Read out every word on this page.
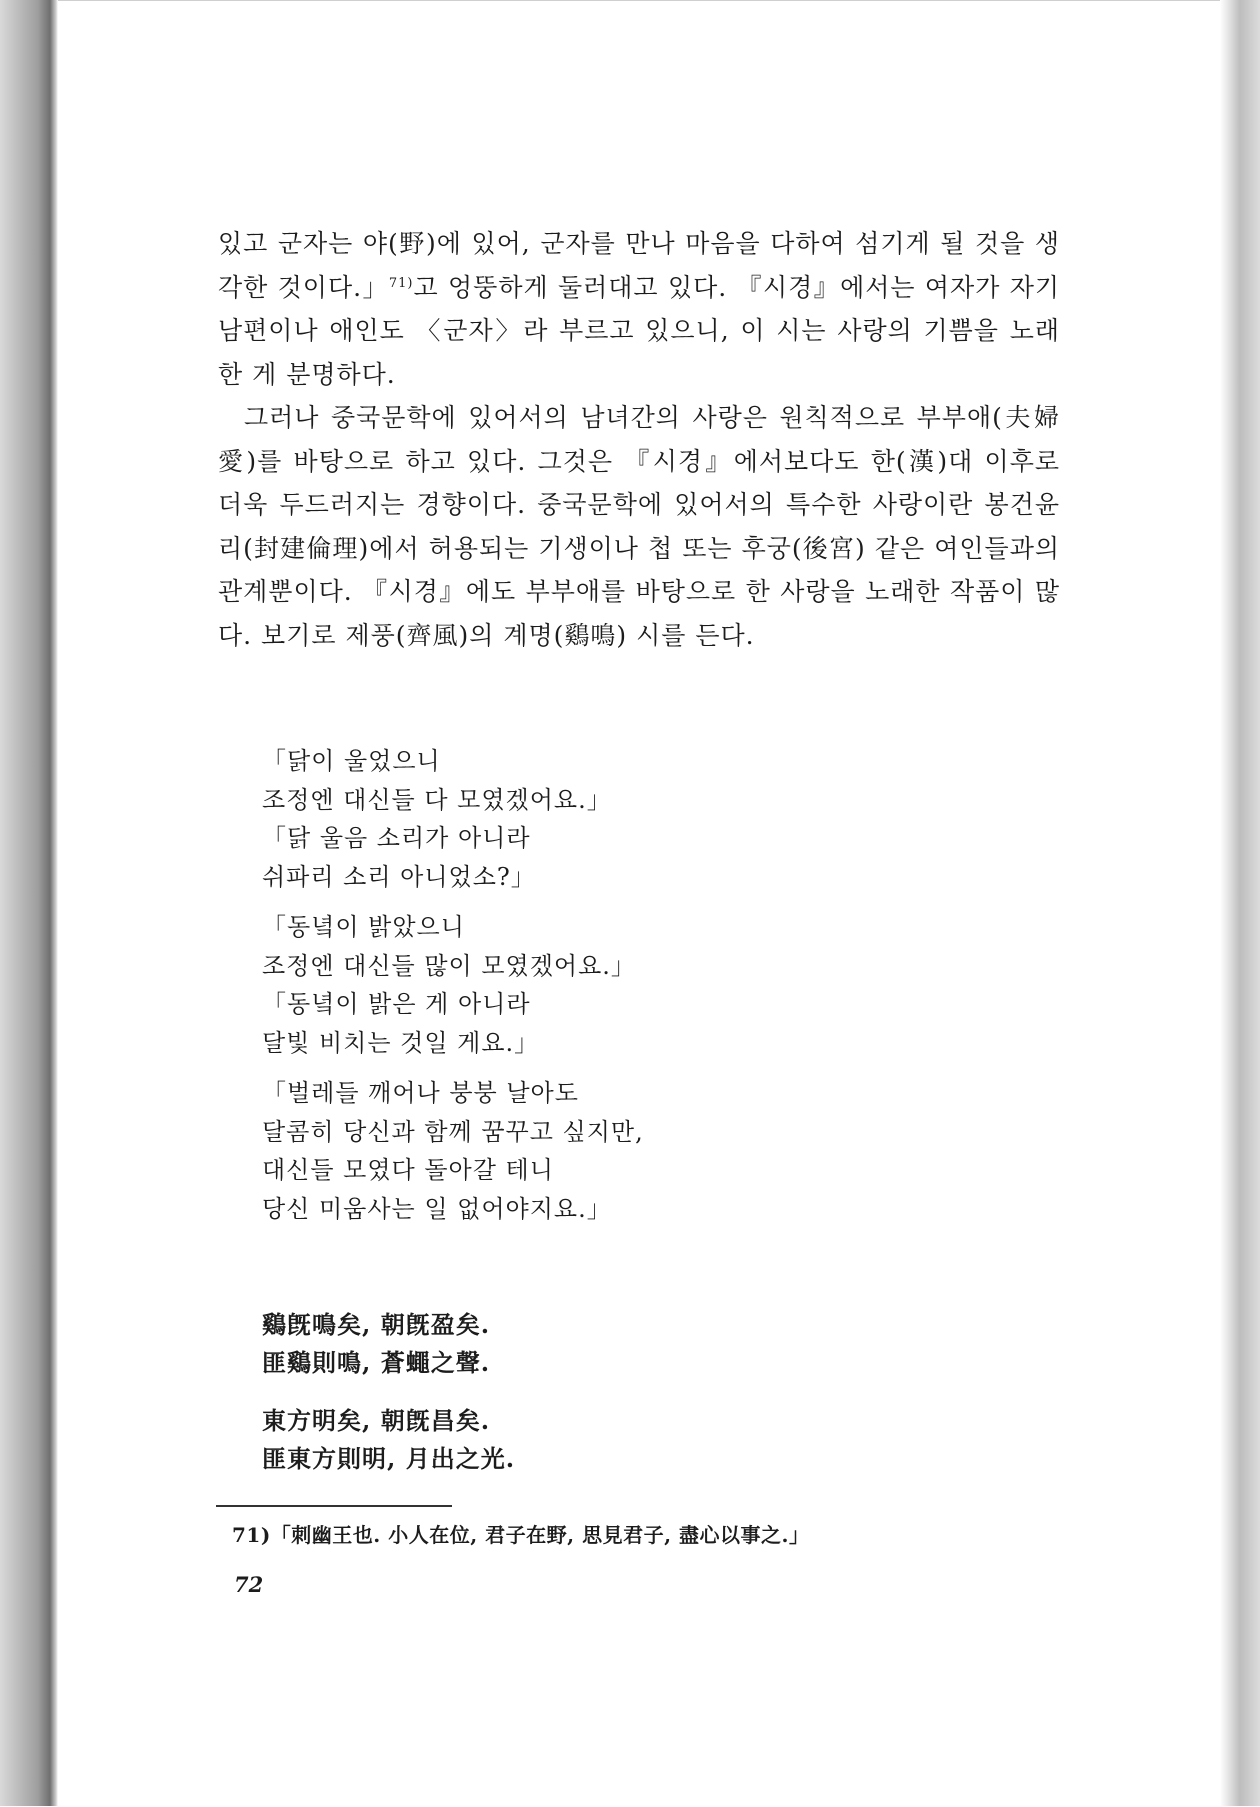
있고 군자는 야(野)에 있어, 군자를 만나 마음을 다하여 섬기게 될 것을 생각한 것이다.」$^{71)}$고 엉뚱하게 둘러대고 있다. 『시경』에서는 여자가 자기 남편이나 애인도 〈군자〉라 부르고 있으니, 이 시는 사랑의 기쁨을 노래한 게 분명하다.

그러나 중국문학에 있어서의 남녀간의 사랑은 원칙적으로 부부애(夫婦愛)를 바탕으로 하고 있다. 그것은 『시경』에서보다도 한(漢)대 이후로 더욱 두드러지는 경향이다. 중국문학에 있어서의 특수한 사랑이란 봉건윤리(封建倫理)에서 허용되는 기생이나 첩 또는 후궁(後宮) 같은 여인들과의 관계뿐이다. 『시경』에도 부부애를 바탕으로 한 사랑을 노래한 작품이 많다. 보기로 제풍(齊風)의 계명(鷄鳴) 시를 든다.

「닭이 울었으니
조정엔 대신들 다 모였겠어요.」
「닭 울음 소리가 아니라
쉬파리 소리 아니었소?」
「동녘이 밝았으니
조정엔 대신들 많이 모였겠어요.」
「동녘이 밝은 게 아니라
달빛 비치는 것일 게요.」
「벌레들 깨어나 붕붕 날아도
달콤히 당신과 함께 꿈꾸고 싶지만,
대신들 모였다 돌아갈 테니
당신 미움사는 일 없어야지요.」
鷄旣鳴矣, 朝旣盈矣.
匪鷄則鳴, 蒼蠅之聲.
東方明矣, 朝旣昌矣.
匪東方則明, 月出之光.
71)「刺幽王也. 小人在位, 君子在野, 思見君子, 盡心以事之.」
72
